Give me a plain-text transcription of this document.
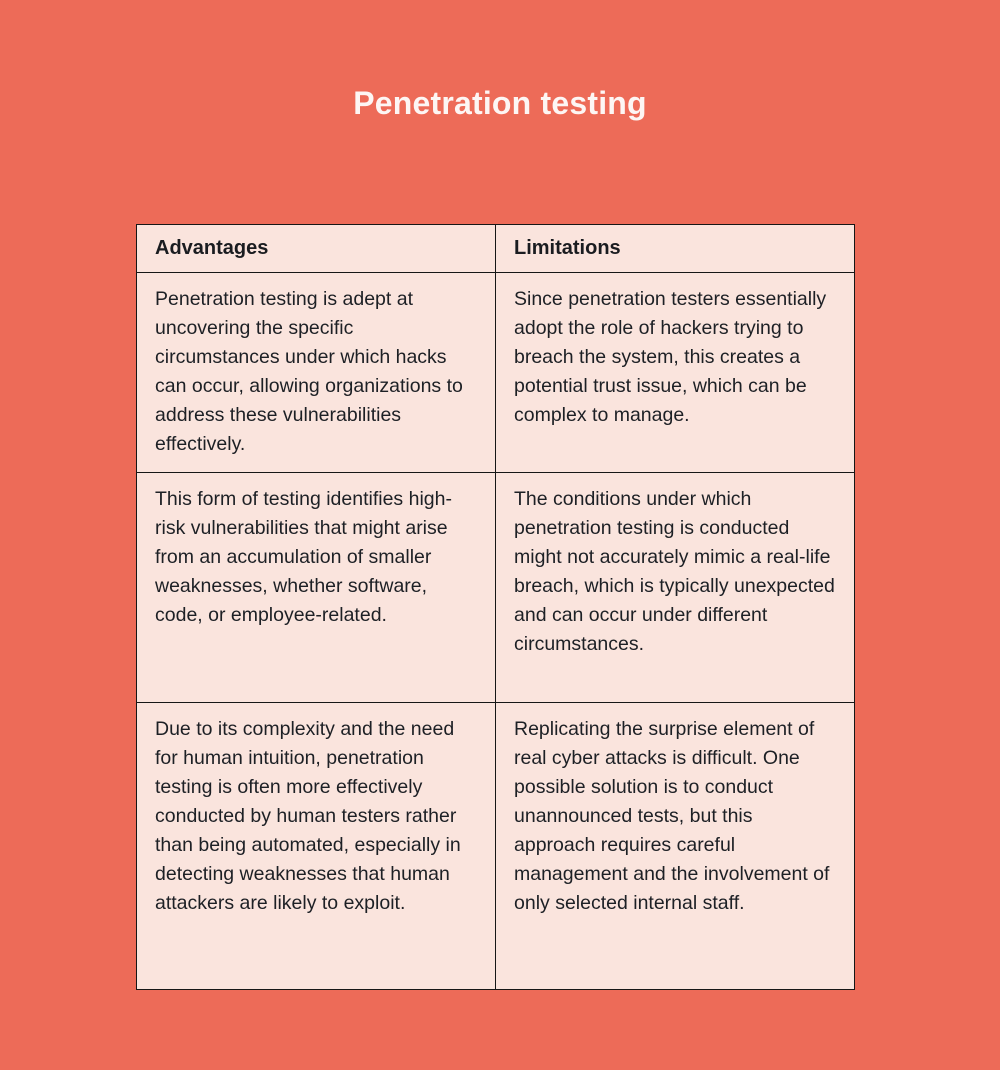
Penetration testing
Advantages	Limitations
Penetration testing is adept at uncovering the specific circumstances under which hacks can occur, allowing organizations to address these vulnerabilities effectively.	Since penetration testers essentially adopt the role of hackers trying to breach the system, this creates a potential trust issue, which can be complex to manage.
This form of testing identifies high-risk vulnerabilities that might arise from an accumulation of smaller weaknesses, whether software, code, or employee-related.	The conditions under which penetration testing is conducted might not accurately mimic a real-life breach, which is typically unexpected and can occur under different circumstances.
Due to its complexity and the need for human intuition, penetration testing is often more effectively conducted by human testers rather than being automated, especially in detecting weaknesses that human attackers are likely to exploit.	Replicating the surprise element of real cyber attacks is difficult. One possible solution is to conduct unannounced tests, but this approach requires careful management and the involvement of only selected internal staff.
